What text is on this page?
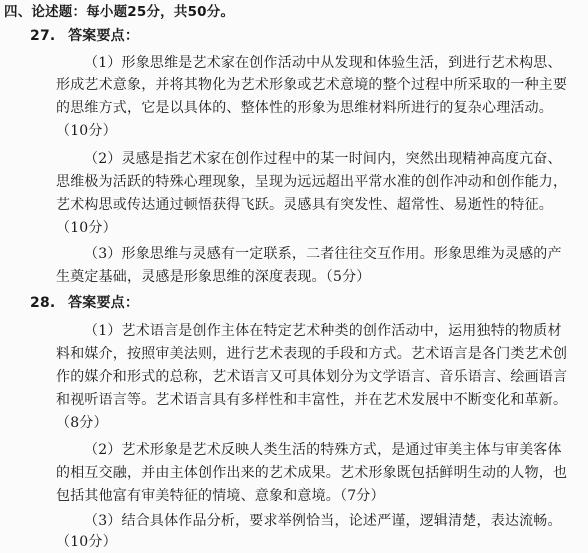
四、论述题：每小题25分，共50分。
27. 答案要点：
（1）形象思维是艺术家在创作活动中从发现和体验生活，到进行艺术构思、
形成艺术意象，并将其物化为艺术形象或艺术意境的整个过程中所采取的一种主要
的思维方式，它是以具体的、整体性的形象为思维材料所进行的复杂心理活动。
（10分）
（2）灵感是指艺术家在创作过程中的某一时间内，突然出现精神高度亢奋、
思维极为活跃的特殊心理现象，呈现为远远超出平常水准的创作冲动和创作能力，
艺术构思或传达通过顿悟获得飞跃。灵感具有突发性、超常性、易逝性的特征。
（10分）
（3）形象思维与灵感有一定联系，二者往往交互作用。形象思维为灵感的产
生奠定基础，灵感是形象思维的深度表现。（5分）
28. 答案要点：
（1）艺术语言是创作主体在特定艺术种类的创作活动中，运用独特的物质材
料和媒介，按照审美法则，进行艺术表现的手段和方式。艺术语言是各门类艺术创
作的媒介和形式的总称，艺术语言又可具体划分为文学语言、音乐语言、绘画语言
和视听语言等。艺术语言具有多样性和丰富性，并在艺术发展中不断变化和革新。
（8分）
（2）艺术形象是艺术反映人类生活的特殊方式，是通过审美主体与审美客体
的相互交融，并由主体创作出来的艺术成果。艺术形象既包括鲜明生动的人物，也
包括其他富有审美特征的情境、意象和意境。（7分）
（3）结合具体作品分析，要求举例恰当，论述严谨，逻辑清楚，表达流畅。
（10分）
